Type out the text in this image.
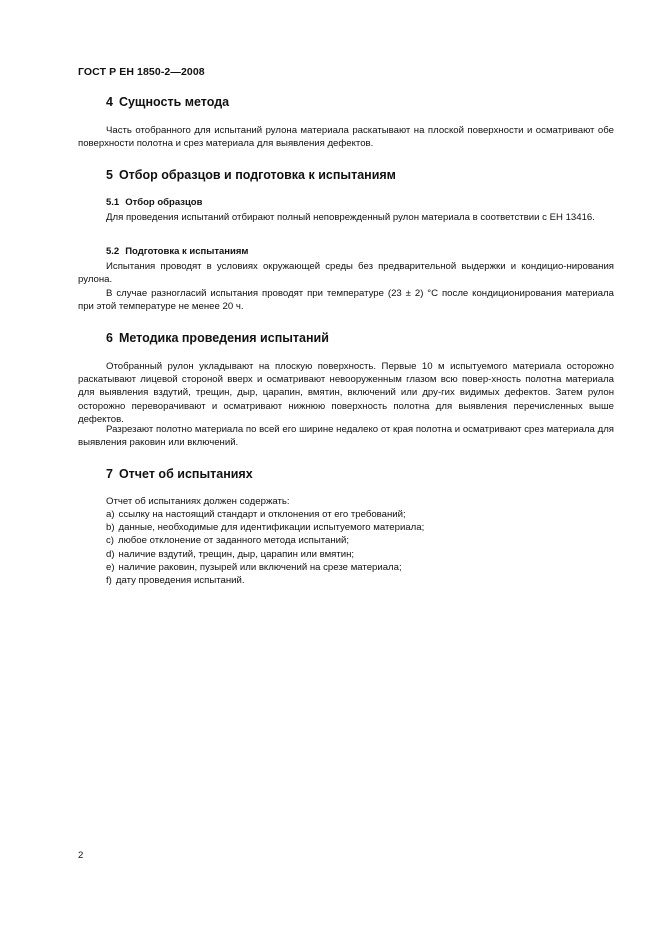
ГОСТ Р ЕН 1850-2—2008
4 Сущность метода

Часть отобранного для испытаний рулона материала раскатывают на плоской поверхности и осматривают обе поверхности полотна и срез материала для выявления дефектов.

5 Отбор образцов и подготовка к испытаниям
5.1 Отбор образцов

Для проведения испытаний отбирают полный неповрежденный рулон материала в соответствии с ЕН 13416.

5.2 Подготовка к испытаниям

Испытания проводят в условиях окружающей среды без предварительной выдержки и кондицио-нирования рулона.

В случае разногласий испытания проводят при температуре (23 ± 2) °С после кондиционирования материала при этой температуре не менее 20 ч.

6 Методика проведения испытаний

Отобранный рулон укладывают на плоскую поверхность. Первые 10 м испытуемого материала осторожно раскатывают лицевой стороной вверх и осматривают невооруженным глазом всю повер-хность полотна материала для выявления вздутий, трещин, дыр, царапин, вмятин, включений или дру-гих видимых дефектов. Затем рулон осторожно переворачивают и осматривают нижнюю поверхность полотна для выявления перечисленных выше дефектов.

Разрезают полотно материала по всей его ширине недалеко от края полотна и осматривают срез материала для выявления раковин или включений.

7 Отчет об испытаниях
Отчет об испытаниях должен содержать:
a) ссылку на настоящий стандарт и отклонения от его требований;
b) данные, необходимые для идентификации испытуемого материала;
c) любое отклонение от заданного метода испытаний;
d) наличие вздутий, трещин, дыр, царапин или вмятин;
e) наличие раковин, пузырей или включений на срезе материала;
f) дату проведения испытаний.
2
